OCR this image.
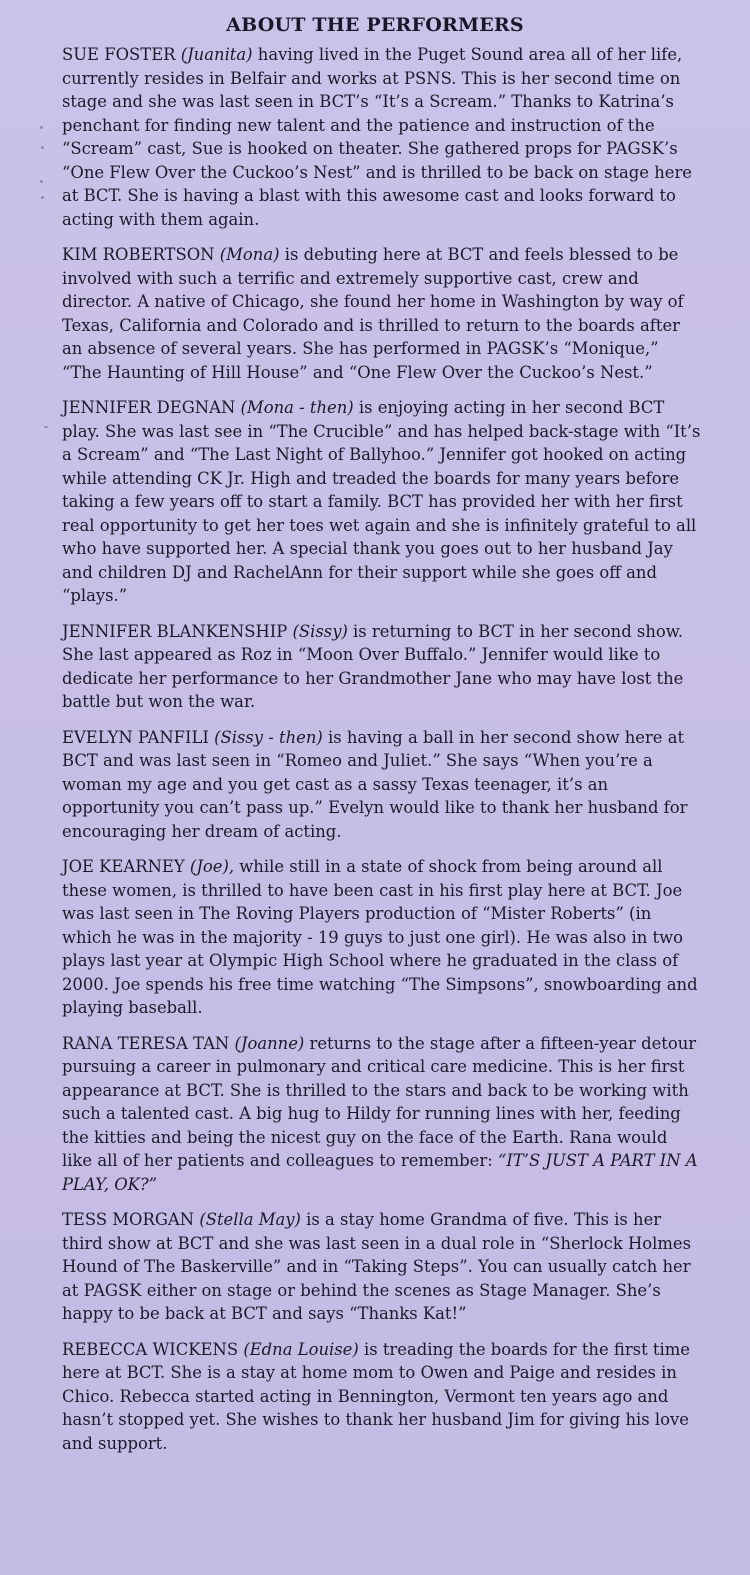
ABOUT THE PERFORMERS

SUE FOSTER (Juanita) having lived in the Puget Sound area all of her life, currently resides in Belfair and works at PSNS. This is her second time on stage and she was last seen in BCT’s “It’s a Scream.” Thanks to Katrina’s penchant for finding new talent and the patience and instruction of the “Scream” cast, Sue is hooked on theater. She gathered props for PAGSK’s “One Flew Over the Cuckoo’s Nest” and is thrilled to be back on stage here at BCT. She is having a blast with this awesome cast and looks forward to acting with them again.

KIM ROBERTSON (Mona) is debuting here at BCT and feels blessed to be involved with such a terrific and extremely supportive cast, crew and director. A native of Chicago, she found her home in Washington by way of Texas, California and Colorado and is thrilled to return to the boards after an absence of several years. She has performed in PAGSK’s “Monique,” “The Haunting of Hill House” and “One Flew Over the Cuckoo’s Nest.”

JENNIFER DEGNAN (Mona - then) is enjoying acting in her second BCT play. She was last see in “The Crucible” and has helped back-stage with “It’s a Scream” and “The Last Night of Ballyhoo.” Jennifer got hooked on acting while attending CK Jr. High and treaded the boards for many years before taking a few years off to start a family. BCT has provided her with her first real opportunity to get her toes wet again and she is infinitely grateful to all who have supported her. A special thank you goes out to her husband Jay and children DJ and RachelAnn for their support while she goes off and “plays.”

JENNIFER BLANKENSHIP (Sissy) is returning to BCT in her second show. She last appeared as Roz in “Moon Over Buffalo.” Jennifer would like to dedicate her performance to her Grandmother Jane who may have lost the battle but won the war.

EVELYN PANFILI (Sissy - then) is having a ball in her second show here at BCT and was last seen in “Romeo and Juliet.” She says “When you’re a woman my age and you get cast as a sassy Texas teenager, it’s an opportunity you can’t pass up.” Evelyn would like to thank her husband for encouraging her dream of acting.

JOE KEARNEY (Joe), while still in a state of shock from being around all these women, is thrilled to have been cast in his first play here at BCT. Joe was last seen in The Roving Players production of “Mister Roberts” (in which he was in the majority - 19 guys to just one girl). He was also in two plays last year at Olympic High School where he graduated in the class of 2000. Joe spends his free time watching “The Simpsons”, snowboarding and playing baseball.

RANA TERESA TAN (Joanne) returns to the stage after a fifteen-year detour pursuing a career in pulmonary and critical care medicine. This is her first appearance at BCT. She is thrilled to the stars and back to be working with such a talented cast. A big hug to Hildy for running lines with her, feeding the kitties and being the nicest guy on the face of the Earth. Rana would like all of her patients and colleagues to remember: “IT’S JUST A PART IN A PLAY, OK?”

TESS MORGAN (Stella May) is a stay home Grandma of five. This is her third show at BCT and she was last seen in a dual role in “Sherlock Holmes Hound of The Baskerville” and in “Taking Steps”. You can usually catch her at PAGSK either on stage or behind the scenes as Stage Manager. She’s happy to be back at BCT and says “Thanks Kat!”

REBECCA WICKENS (Edna Louise) is treading the boards for the first time here at BCT. She is a stay at home mom to Owen and Paige and resides in Chico. Rebecca started acting in Bennington, Vermont ten years ago and hasn’t stopped yet. She wishes to thank her husband Jim for giving his love and support.
